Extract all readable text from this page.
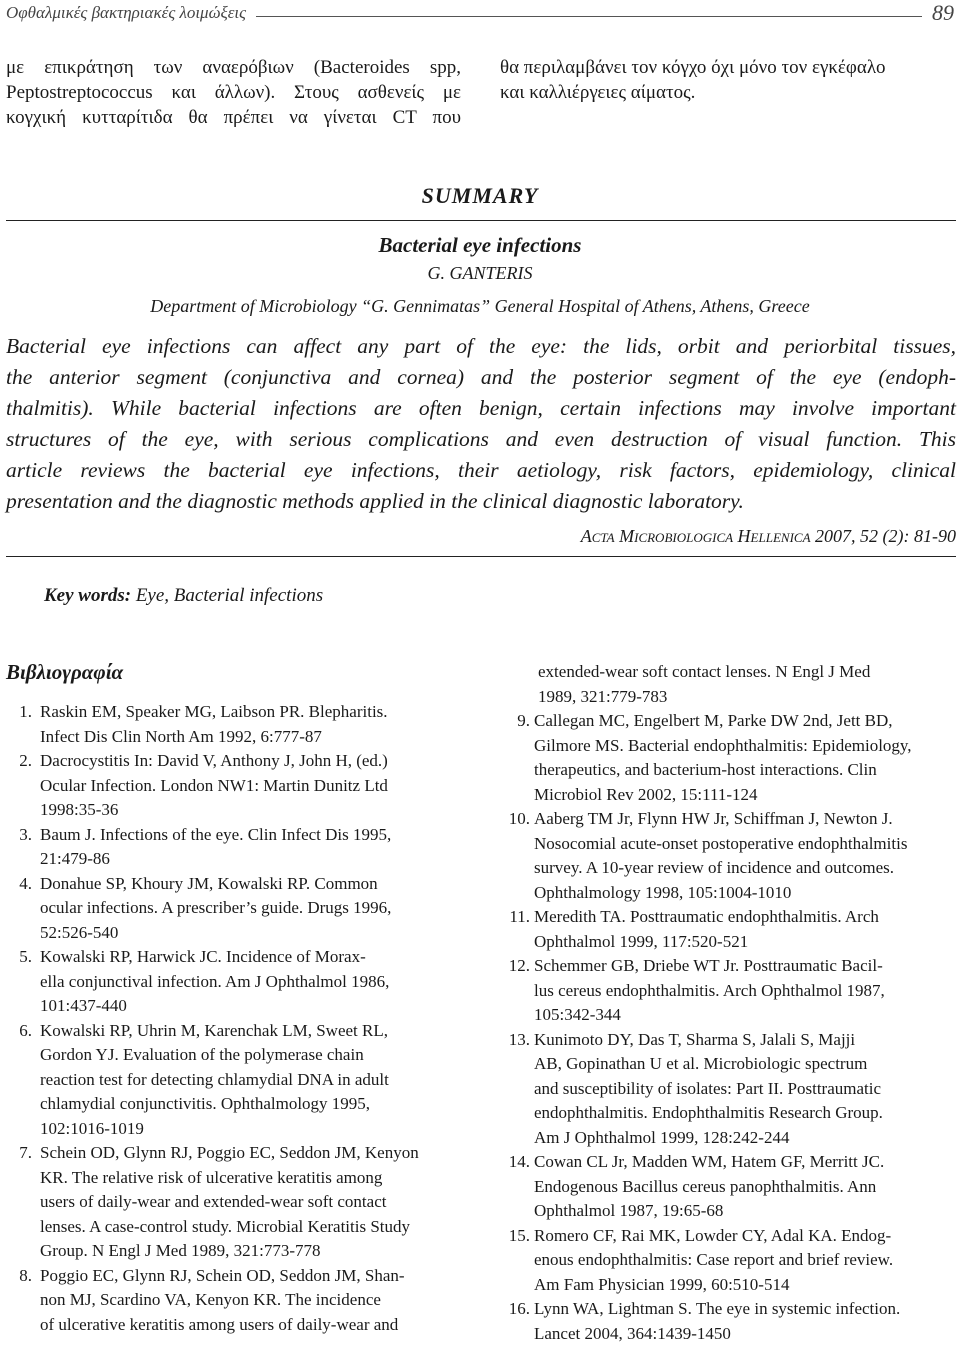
Οφθαλμικές βακτηριακές λοιμώξεις	89
με επικράτηση των αναερόβιων (Bacteroides spp,
Peptostreptococcus και άλλων). Στους ασθενείς με
κογχική κυτταρίτιδα θα πρέπει να γίνεται CT που
θα περιλαμβάνει τον κόγχο όχι μόνο τον εγκέφαλο
και καλλιέργειες αίματος.
SUMMARY
Bacterial eye infections
G. GANTERIS
Department of Microbiology “G. Gennimatas” General Hospital of Athens, Athens, Greece
Bacterial eye infections can affect any part of the eye: the lids, orbit and periorbital tissues,
the anterior segment (conjunctiva and cornea) and the posterior segment of the eye (endoph-
thalmitis). While bacterial infections are often benign, certain infections may involve important
structures of the eye, with serious complications and even destruction of visual function. This
article reviews the bacterial eye infections, their aetiology, risk factors, epidemiology, clinical
presentation and the diagnostic methods applied in the clinical diagnostic laboratory.
Acta Microbiologica Hellenica 2007, 52 (2): 81-90
Key words: Eye, Bacterial infections
Βιβλιογραφία
1. Raskin EM, Speaker MG, Laibson PR. Blepharitis.
Infect Dis Clin North Am 1992, 6:777-87
2. Dacrocystitis In: David V, Anthony J, John H, (ed.)
Ocular Infection. London NW1: Martin Dunitz Ltd
1998:35-36
3. Baum J. Infections of the eye. Clin Infect Dis 1995,
21:479-86
4. Donahue SP, Khoury JM, Kowalski RP. Common
ocular infections. A prescriber’s guide. Drugs 1996,
52:526-540
5. Kowalski RP, Harwick JC. Incidence of Morax-
ella conjunctival infection. Am J Ophthalmol 1986,
101:437-440
6. Kowalski RP, Uhrin M, Karenchak LM, Sweet RL,
Gordon YJ. Evaluation of the polymerase chain
reaction test for detecting chlamydial DNA in adult
chlamydial conjunctivitis. Ophthalmology 1995,
102:1016-1019
7. Schein OD, Glynn RJ, Poggio EC, Seddon JM, Kenyon
KR. The relative risk of ulcerative keratitis among
users of daily-wear and extended-wear soft contact
lenses. A case-control study. Microbial Keratitis Study
Group. N Engl J Med 1989, 321:773-778
8. Poggio EC, Glynn RJ, Schein OD, Seddon JM, Shan-
non MJ, Scardino VA, Kenyon KR. The incidence
of ulcerative keratitis among users of daily-wear and
extended-wear soft contact lenses. N Engl J Med
1989, 321:779-783
9. Callegan MC, Engelbert M, Parke DW 2nd, Jett BD,
Gilmore MS. Bacterial endophthalmitis: Epidemiology,
therapeutics, and bacterium-host interactions. Clin
Microbiol Rev 2002, 15:111-124
10. Aaberg TM Jr, Flynn HW Jr, Schiffman J, Newton J.
Nosocomial acute-onset postoperative endophthalmitis
survey. A 10-year review of incidence and outcomes.
Ophthalmology 1998, 105:1004-1010
11. Meredith TA. Posttraumatic endophthalmitis. Arch
Ophthalmol 1999, 117:520-521
12. Schemmer GB, Driebe WT Jr. Posttraumatic Bacil-
lus cereus endophthalmitis. Arch Ophthalmol 1987,
105:342-344
13. Kunimoto DY, Das T, Sharma S, Jalali S, Majji
AB, Gopinathan U et al. Microbiologic spectrum
and susceptibility of isolates: Part II. Posttraumatic
endophthalmitis. Endophthalmitis Research Group.
Am J Ophthalmol 1999, 128:242-244
14. Cowan CL Jr, Madden WM, Hatem GF, Merritt JC.
Endogenous Bacillus cereus panophthalmitis. Ann
Ophthalmol 1987, 19:65-68
15. Romero CF, Rai MK, Lowder CY, Adal KA. Endog-
enous endophthalmitis: Case report and brief review.
Am Fam Physician 1999, 60:510-514
16. Lynn WA, Lightman S. The eye in systemic infection.
Lancet 2004, 364:1439-1450
